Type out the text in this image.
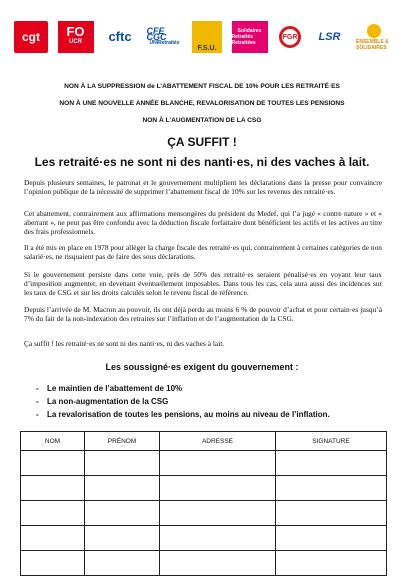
cgt FO
UCR cftc CFE CGC
UNIRetraités
F.S.U.
Solidaires
Retraités Retraitées
FGR LSR	ENSEMBLE & SOLIDAIRES
NON À LA SUPPRESSION de L’ABATTEMENT FISCAL DE 10% POUR LES RETRAITÉ·ES
NON À UNE NOUVELLE ANNÉE BLANCHE, REVALORISATION DE TOUTES LES PENSIONS
NON À L’AUGMENTATION DE LA CSG
ÇA SUFFIT !
Les retraité·es ne sont ni des nanti·es, ni des vaches à lait.
Depuis plusieurs semaines, le patronat et le gouvernement multiplient les déclarations dans la presse pour convaincre l’opinion publique de la nécessité de supprimer l’abattement fiscal de 10% sur les revenus des retraité·es.
Cet abattement, contrairement aux affirmations mensongères du président du Medef, qui l’a jugé « contre nature » et « aberrant », ne peut pas être confondu avec la déduction fiscale forfaitaire dont bénéficient les actifs et les actives au titre des frais professionnels.
Il a été mis en place en 1978 pour alléger la charge fiscale des retraité·es qui, contrairement à certaines catégories de non salarié·es, ne risquaient pas de faire des sous déclarations.
Si le gouvernement persiste dans cette voie, près de 50% des retraité·es seraient pénalisé·es en voyant leur taux d’imposition augmenter, en devenant éventuellement imposables. Dans tous les cas, cela aura aussi des incidences sur les taux de CSG et sur les droits calculés selon le revenu fiscal de référence.
Depuis l’arrivée de M. Macron au pouvoir, ils ont déjà perdu au moins 6 % de pouvoir d’achat et pour certain·es jusqu’à 7% du fait de la non-indexation des retraites sur l’inflation et de l’augmentation de la CSG.
Ça suffit ! les retraité·es ne sont ni des nanti·es, ni des vaches à lait.
Les soussigné·es exigent du gouvernement :
- Le maintien de l’abattement de 10%
- La non-augmentation de la CSG
- La revalorisation de toutes les pensions, au moins au niveau de l’inflation.
NOM	PRÉNOM	ADRESSE	SIGNATURE
